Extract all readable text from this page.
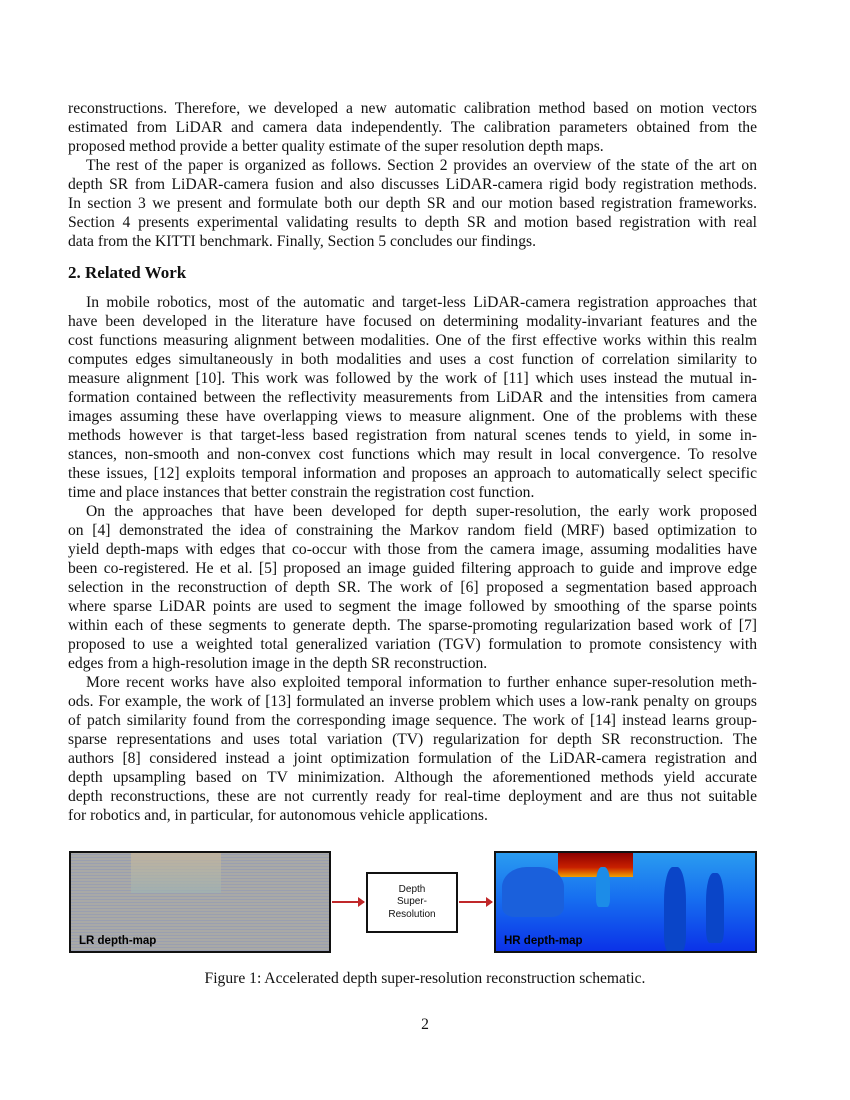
reconstructions. Therefore, we developed a new automatic calibration method based on motion vectors
estimated from LiDAR and camera data independently. The calibration parameters obtained from the
proposed method provide a better quality estimate of the super resolution depth maps.
The rest of the paper is organized as follows. Section 2 provides an overview of the state of the art on
depth SR from LiDAR-camera fusion and also discusses LiDAR-camera rigid body registration methods.
In section 3 we present and formulate both our depth SR and our motion based registration frameworks.
Section 4 presents experimental validating results to depth SR and motion based registration with real
data from the KITTI benchmark. Finally, Section 5 concludes our findings.
In mobile robotics, most of the automatic and target-less LiDAR-camera registration approaches that
have been developed in the literature have focused on determining modality-invariant features and the
cost functions measuring alignment between modalities. One of the first effective works within this realm
computes edges simultaneously in both modalities and uses a cost function of correlation similarity to
measure alignment [10]. This work was followed by the work of [11] which uses instead the mutual in-
formation contained between the reflectivity measurements from LiDAR and the intensities from camera
images assuming these have overlapping views to measure alignment. One of the problems with these
methods however is that target-less based registration from natural scenes tends to yield, in some in-
stances, non-smooth and non-convex cost functions which may result in local convergence. To resolve
these issues, [12] exploits temporal information and proposes an approach to automatically select specific
time and place instances that better constrain the registration cost function.
On the approaches that have been developed for depth super-resolution, the early work proposed
on [4] demonstrated the idea of constraining the Markov random field (MRF) based optimization to
yield depth-maps with edges that co-occur with those from the camera image, assuming modalities have
been co-registered. He et al. [5] proposed an image guided filtering approach to guide and improve edge
selection in the reconstruction of depth SR. The work of [6] proposed a segmentation based approach
where sparse LiDAR points are used to segment the image followed by smoothing of the sparse points
within each of these segments to generate depth. The sparse-promoting regularization based work of [7]
proposed to use a weighted total generalized variation (TGV) formulation to promote consistency with
edges from a high-resolution image in the depth SR reconstruction.
More recent works have also exploited temporal information to further enhance super-resolution meth-
ods. For example, the work of [13] formulated an inverse problem which uses a low-rank penalty on groups
of patch similarity found from the corresponding image sequence. The work of [14] instead learns group-
sparse representations and uses total variation (TV) regularization for depth SR reconstruction. The
authors [8] considered instead a joint optimization formulation of the LiDAR-camera registration and
depth upsampling based on TV minimization. Although the aforementioned methods yield accurate
depth reconstructions, these are not currently ready for real-time deployment and are thus not suitable
for robotics and, in particular, for autonomous vehicle applications.
2. Related Work
LR depth-map
Depth
Super-
Resolution
HR depth-map
Figure 1: Accelerated depth super-resolution reconstruction schematic.
2
